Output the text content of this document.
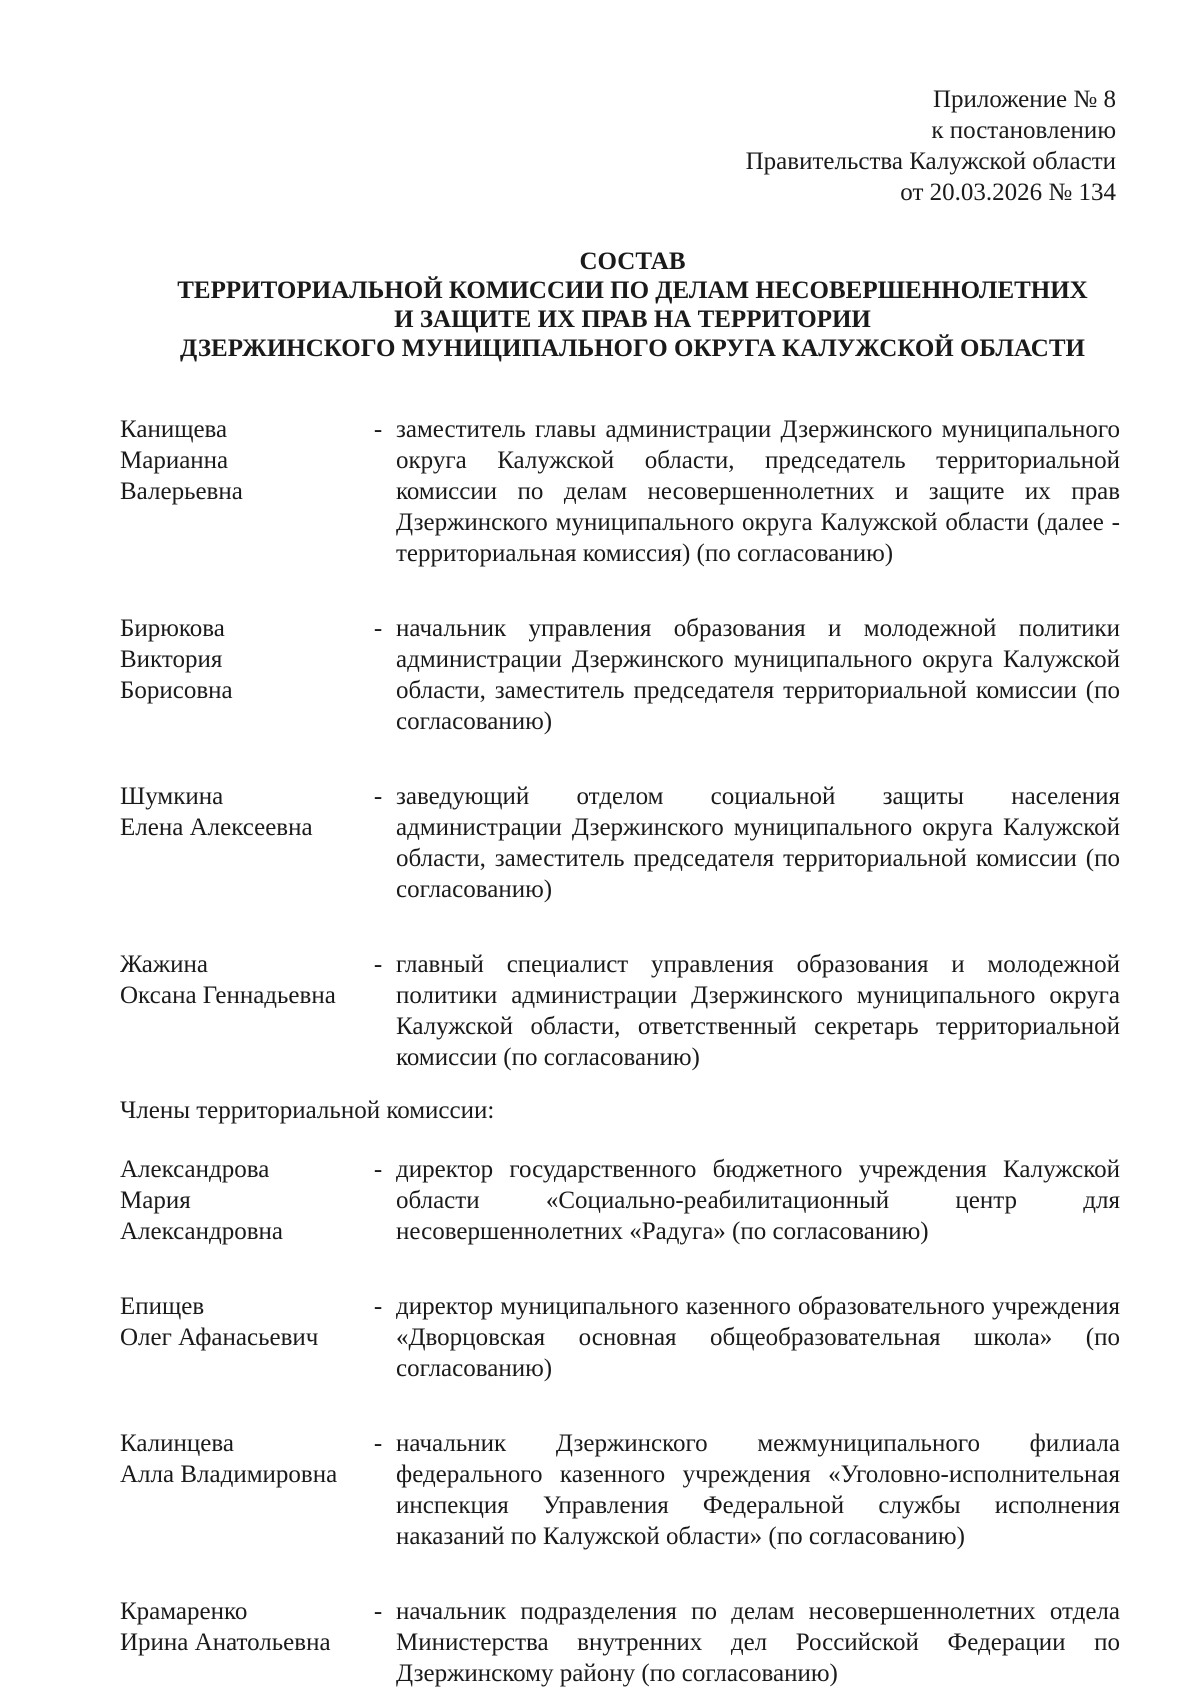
Приложение № 8
к постановлению
Правительства Калужской области
от 20.03.2026 № 134
СОСТАВ
ТЕРРИТОРИАЛЬНОЙ КОМИССИИ ПО ДЕЛАМ НЕСОВЕРШЕННОЛЕТНИХ
И ЗАЩИТЕ ИХ ПРАВ НА ТЕРРИТОРИИ
ДЗЕРЖИНСКОГО МУНИЦИПАЛЬНОГО ОКРУГА КАЛУЖСКОЙ ОБЛАСТИ
Канищева
Марианна
Валерьевна
- заместитель главы администрации Дзержинского муниципального округа Калужской области, председатель территориальной комиссии по делам несовершеннолетних и защите их прав Дзержинского муниципального округа Калужской области (далее - территориальная комиссия) (по согласованию)
Бирюкова
Виктория
Борисовна
- начальник управления образования и молодежной политики администрации Дзержинского муниципального округа Калужской области, заместитель председателя территориальной комиссии (по согласованию)
Шумкина
Елена Алексеевна
- заведующий отделом социальной защиты населения администрации Дзержинского муниципального округа Калужской области, заместитель председателя территориальной комиссии (по согласованию)
Жажина
Оксана Геннадьевна
- главный специалист управления образования и молодежной политики администрации Дзержинского муниципального округа Калужской области, ответственный секретарь территориальной комиссии (по согласованию)
Члены территориальной комиссии:
Александрова
Мария
Александровна
- директор государственного бюджетного учреждения Калужской области «Социально-реабилитационный центр для несовершеннолетних «Радуга» (по согласованию)
Епищев
Олег Афанасьевич
- директор муниципального казенного образовательного учреждения «Дворцовская основная общеобразовательная школа» (по согласованию)
Калинцева
Алла Владимировна
- начальник Дзержинского межмуниципального филиала федерального казенного учреждения «Уголовно-исполнительная инспекция Управления Федеральной службы исполнения наказаний по Калужской области» (по согласованию)
Крамаренко
Ирина Анатольевна
- начальник подразделения по делам несовершеннолетних отдела Министерства внутренних дел Российской Федерации по Дзержинскому району (по согласованию)
